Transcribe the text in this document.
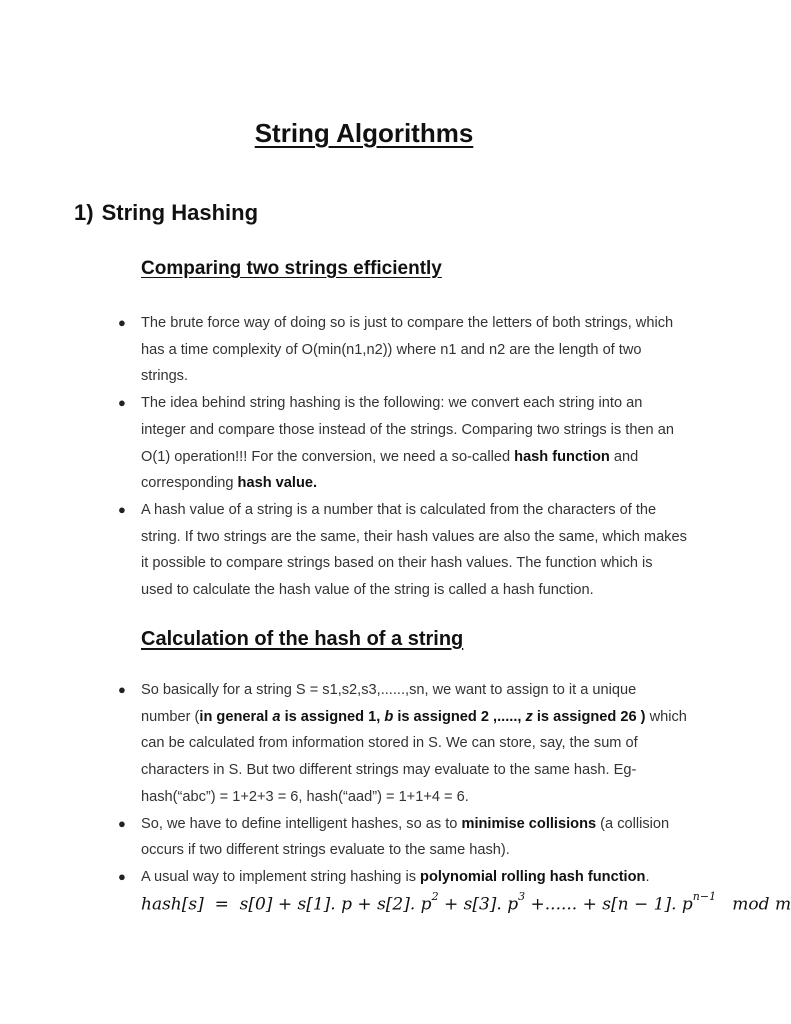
String Algorithms
1) String Hashing
Comparing two strings efficiently
● The brute force way of doing so is just to compare the letters of both strings, which has a time complexity of O(min(n1,n2)) where n1 and n2 are the length of two strings.
● The idea behind string hashing is the following: we convert each string into an integer and compare those instead of the strings. Comparing two strings is then an O(1) operation!!! For the conversion, we need a so-called hash function and corresponding hash value.
● A hash value of a string is a number that is calculated from the characters of the string. If two strings are the same, their hash values are also the same, which makes it possible to compare strings based on their hash values. The function which is used to calculate the hash value of the string is called a hash function.
Calculation of the hash of a string
● So basically for a string S = s1,s2,s3,......,sn, we want to assign to it a unique number (in general a is assigned 1, b is assigned 2 ,....., z is assigned 26 ) which can be calculated from information stored in S. We can store, say, the sum of characters in S. But two different strings may evaluate to the same hash. Eg- hash(“abc”) = 1+2+3 = 6, hash(“aad”) = 1+1+4 = 6.
● So, we have to define intelligent hashes, so as to minimise collisions (a collision occurs if two different strings evaluate to the same hash).
● A usual way to implement string hashing is polynomial rolling hash function.
hash[s] = s[0] + s[1]. p + s[2]. $p^2 + s[3]$. $p^3$ +...... + s[n − 1]. $p^{n-1}$ mod m
